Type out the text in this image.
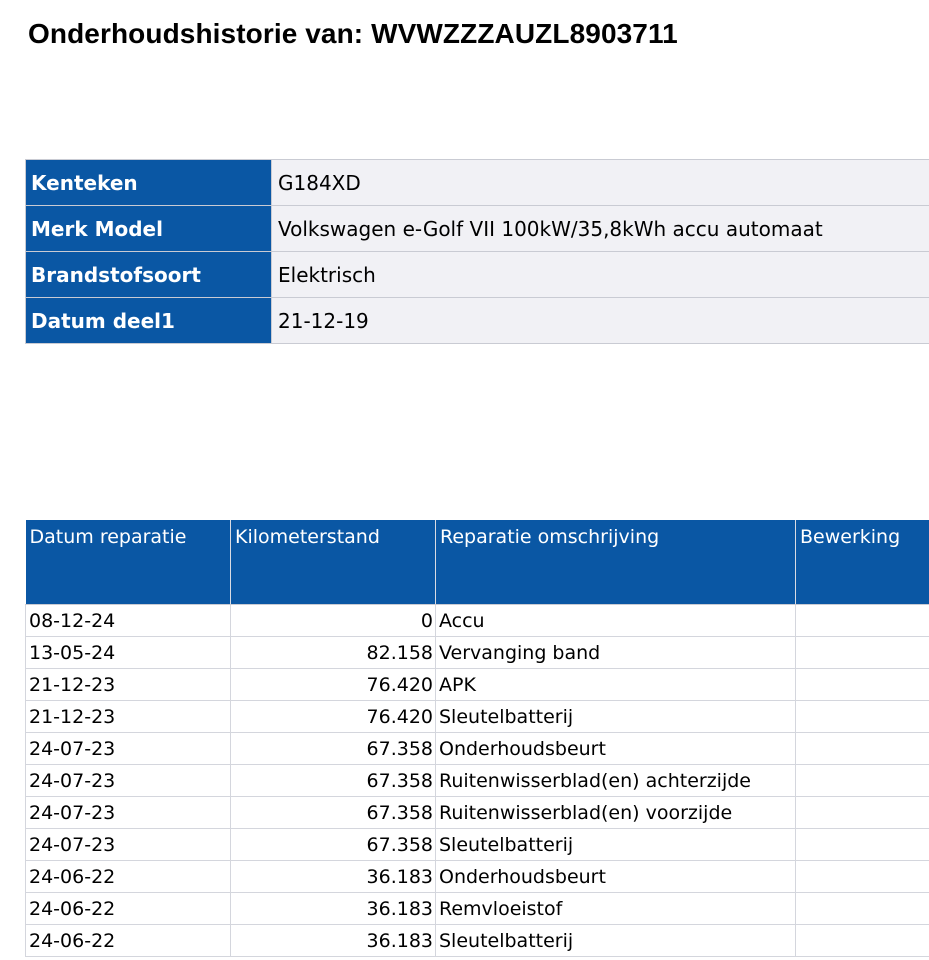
Onderhoudshistorie van: WVWZZZAUZL8903711
Kenteken	G184XD
Merk Model	Volkswagen e-Golf VII 100kW/35,8kWh accu automaat
Brandstofsoort	Elektrisch
Datum deel1	21-12-19
Datum reparatie	Kilometerstand	Reparatie omschrijving	Bewerking
08-12-24	0	Accu	
13-05-24	82.158	Vervanging band	
21-12-23	76.420	APK	
21-12-23	76.420	Sleutelbatterij	
24-07-23	67.358	Onderhoudsbeurt	
24-07-23	67.358	Ruitenwisserblad(en) achterzijde	
24-07-23	67.358	Ruitenwisserblad(en) voorzijde	
24-07-23	67.358	Sleutelbatterij	
24-06-22	36.183	Onderhoudsbeurt	
24-06-22	36.183	Remvloeistof	
24-06-22	36.183	Sleutelbatterij	
